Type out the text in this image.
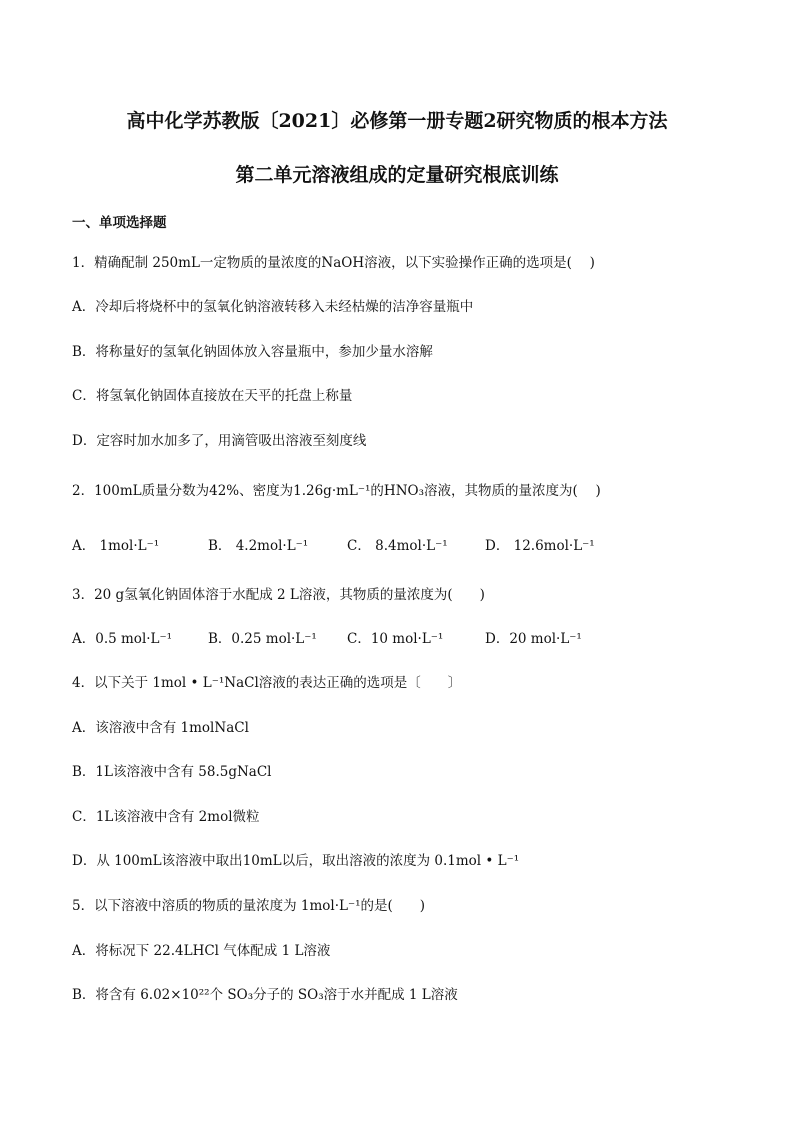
高中化学苏教版〔2021〕必修第一册专题2研究物质的根本方法
第二单元溶液组成的定量研究根底训练
一、单项选择题
1．精确配制 250mL一定物质的量浓度的NaOH溶液，以下实验操作正确的选项是(　 )
A．冷却后将烧杯中的氢氧化钠溶液转移入未经枯燥的洁净容量瓶中
B．将称量好的氢氧化钠固体放入容量瓶中，参加少量水溶解
C．将氢氧化钠固体直接放在天平的托盘上称量
D．定容时加水加多了，用滴管吸出溶液至刻度线
2．100mL质量分数为42%、密度为1.26g·mL⁻¹的HNO₃溶液，其物质的量浓度为(　 )
A． 1mol·L⁻¹	B． 4.2mol·L⁻¹	C． 8.4mol·L⁻¹	D． 12.6mol·L⁻¹
3．20 g氢氧化钠固体溶于水配成 2 L溶液，其物质的量浓度为(　　)
A．0.5 mol·L⁻¹	B．0.25 mol·L⁻¹ C．10 mol·L⁻¹	D．20 mol·L⁻¹
4．以下关于 1mol • L⁻¹NaCl溶液的表达正确的选项是〔　　〕
A．该溶液中含有 1molNaCl
B．1L该溶液中含有 58.5gNaCl
C．1L该溶液中含有 2mol微粒
D．从 100mL该溶液中取出10mL以后，取出溶液的浓度为 0.1mol • L⁻¹
5．以下溶液中溶质的物质的量浓度为 1mol·L⁻¹的是(　　)
A．将标况下 22.4LHCl 气体配成 1 L溶液
B．将含有 6.02×10²²个 SO₃分子的 SO₃溶于水并配成 1 L溶液
